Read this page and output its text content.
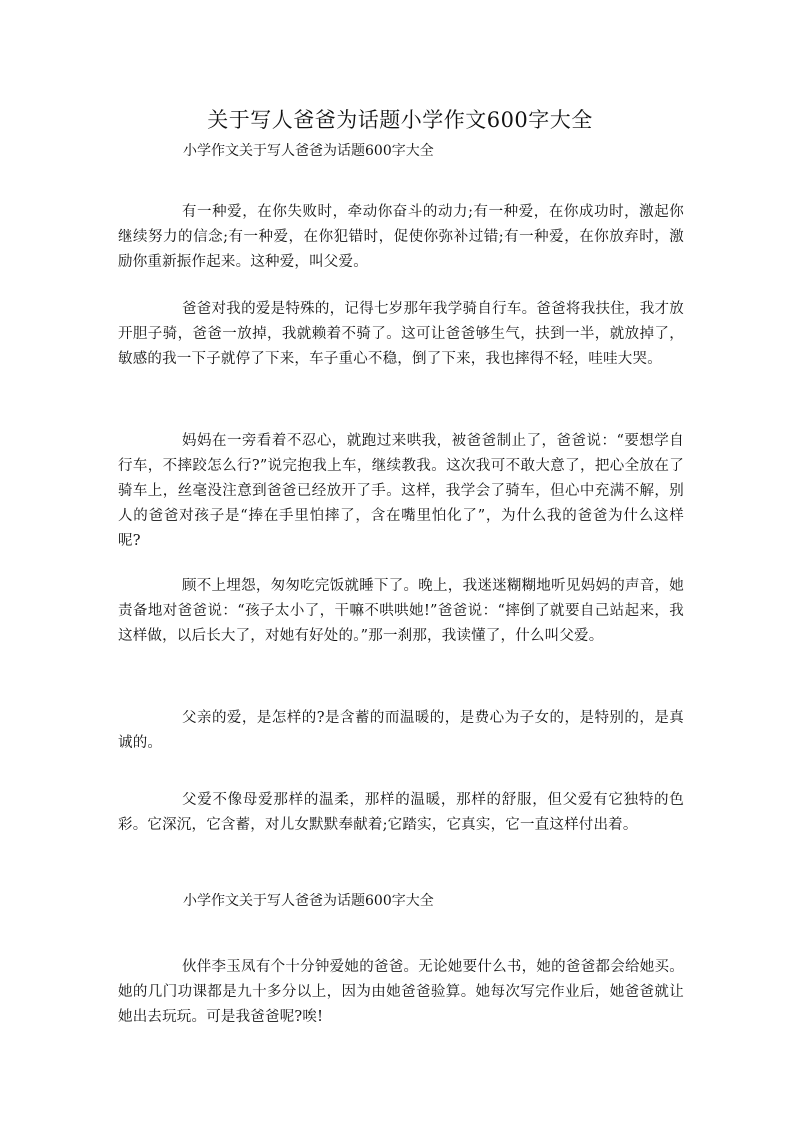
关于写人爸爸为话题小学作文600字大全

小学作文关于写人爸爸为话题600字大全

有一种爱，在你失败时，牵动你奋斗的动力;有一种爱，在你成功时，激起你继续努力的信念;有一种爱，在你犯错时，促使你弥补过错;有一种爱，在你放弃时，激励你重新振作起来。这种爱，叫父爱。

爸爸对我的爱是特殊的，记得七岁那年我学骑自行车。爸爸将我扶住，我才放开胆子骑，爸爸一放掉，我就赖着不骑了。这可让爸爸够生气，扶到一半，就放掉了，敏感的我一下子就停了下来，车子重心不稳，倒了下来，我也摔得不轻，哇哇大哭。

妈妈在一旁看着不忍心，就跑过来哄我，被爸爸制止了，爸爸说：“要想学自行车，不摔跤怎么行?”说完抱我上车，继续教我。这次我可不敢大意了，把心全放在了骑车上，丝毫没注意到爸爸已经放开了手。这样，我学会了骑车，但心中充满不解，别人的爸爸对孩子是“捧在手里怕摔了，含在嘴里怕化了”，为什么我的爸爸为什么这样呢?

顾不上埋怨，匆匆吃完饭就睡下了。晚上，我迷迷糊糊地听见妈妈的声音，她责备地对爸爸说：“孩子太小了，干嘛不哄哄她!”爸爸说：“摔倒了就要自己站起来，我这样做，以后长大了，对她有好处的。”那一刹那，我读懂了，什么叫父爱。

父亲的爱，是怎样的?是含蓄的而温暖的，是费心为子女的，是特别的，是真诚的。

父爱不像母爱那样的温柔，那样的温暖，那样的舒服，但父爱有它独特的色彩。它深沉，它含蓄，对儿女默默奉献着;它踏实，它真实，它一直这样付出着。

小学作文关于写人爸爸为话题600字大全

伙伴李玉凤有个十分钟爱她的爸爸。无论她要什么书，她的爸爸都会给她买。她的几门功课都是九十多分以上，因为由她爸爸验算。她每次写完作业后，她爸爸就让她出去玩玩。可是我爸爸呢?唉!
